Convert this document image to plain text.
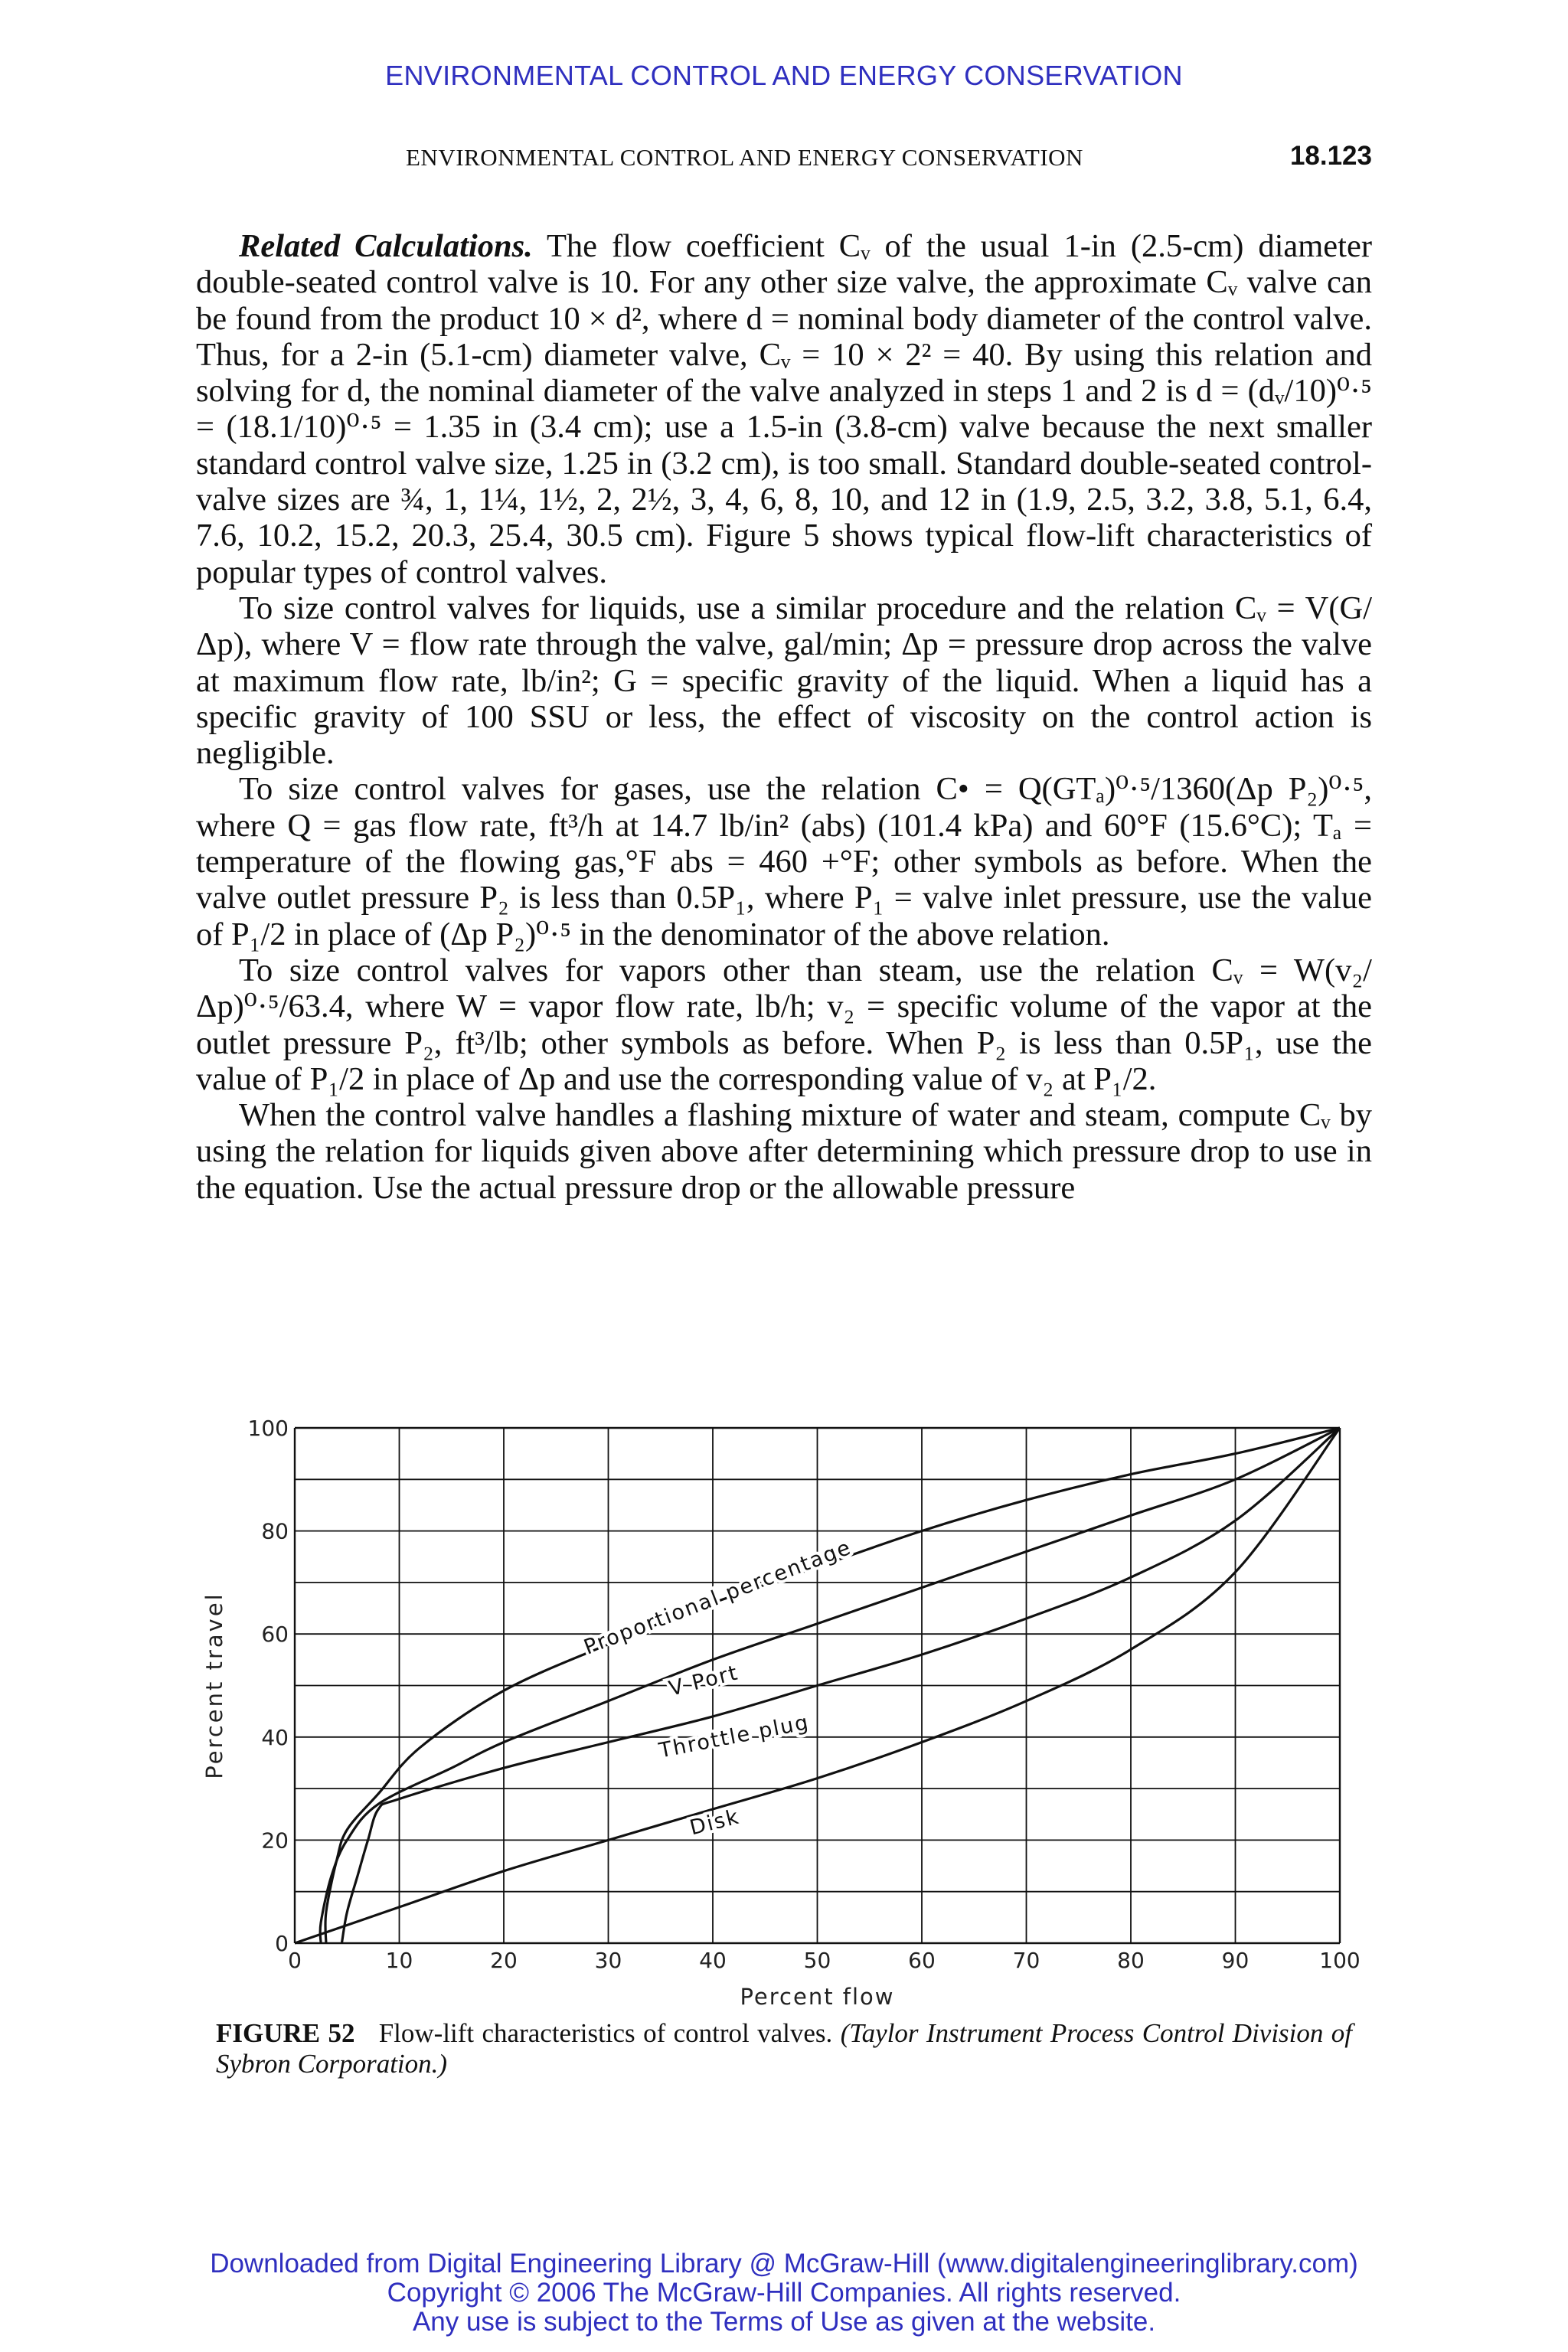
ENVIRONMENTAL CONTROL AND ENERGY CONSERVATION
ENVIRONMENTAL CONTROL AND ENERGY CONSERVATION	18.123

Related Calculations. The flow coefficient Cᵥ of the usual 1-in (2.5-cm) diameter double-seated control valve is 10. For any other size valve, the approximate Cᵥ valve can be found from the product 10 × d², where d = nominal body diameter of the control valve. Thus, for a 2-in (5.1-cm) diameter valve, Cᵥ = 10 × 2² = 40. By using this relation and solving for d, the nominal diameter of the valve analyzed in steps 1 and 2 is d = (dᵥ/10)⁰·⁵ = (18.1/10)⁰·⁵ = 1.35 in (3.4 cm); use a 1.5-in (3.8-cm) valve because the next smaller standard control valve size, 1.25 in (3.2 cm), is too small. Standard double-seated control-valve sizes are ¾, 1, 1¼, 1½, 2, 2½, 3, 4, 6, 8, 10, and 12 in (1.9, 2.5, 3.2, 3.8, 5.1, 6.4, 7.6, 10.2, 15.2, 20.3, 25.4, 30.5 cm). Figure 5 shows typical flow-lift characteristics of popular types of control valves.

To size control valves for liquids, use a similar procedure and the relation Cᵥ = V(G/Δp), where V = flow rate through the valve, gal/min; Δp = pressure drop across the valve at maximum flow rate, lb/in²; G = specific gravity of the liquid. When a liquid has a specific gravity of 100 SSU or less, the effect of viscosity on the control action is negligible.

To size control valves for gases, use the relation C• = Q(GTₐ)⁰·⁵/1360(Δp P₂)⁰·⁵, where Q = gas flow rate, ft³/h at 14.7 lb/in² (abs) (101.4 kPa) and 60°F (15.6°C); Tₐ = temperature of the flowing gas,°F abs = 460 +°F; other symbols as before. When the valve outlet pressure P₂ is less than 0.5P₁, where P₁ = valve inlet pressure, use the value of P₁/2 in place of (Δp P₂)⁰·⁵ in the denominator of the above relation.

To size control valves for vapors other than steam, use the relation Cᵥ = W(v₂/Δp)⁰·⁵/63.4, where W = vapor flow rate, lb/h; v₂ = specific volume of the vapor at the outlet pressure P₂, ft³/lb; other symbols as before. When P₂ is less than 0.5P₁, use the value of P₁/2 in place of Δp and use the corresponding value of v₂ at P₁/2.

When the control valve handles a flashing mixture of water and steam, compute Cᵥ by using the relation for liquids given above after determining which pressure drop to use in the equation. Use the actual pressure drop or the allowable pressure

0	10	20	30	40	50	60	70	80	90	100
0
20
40
60
80
100
Percent flow
Percent travel	Proportional percentage
V Port
Throttle plug
Disk
FIGURE 52 Flow-lift characteristics of control valves. (Taylor Instrument Process Control Division of Sybron Corporation.)
Downloaded from Digital Engineering Library @ McGraw-Hill (www.digitalengineeringlibrary.com)
Copyright © 2006 The McGraw-Hill Companies. All rights reserved.
Any use is subject to the Terms of Use as given at the website.
